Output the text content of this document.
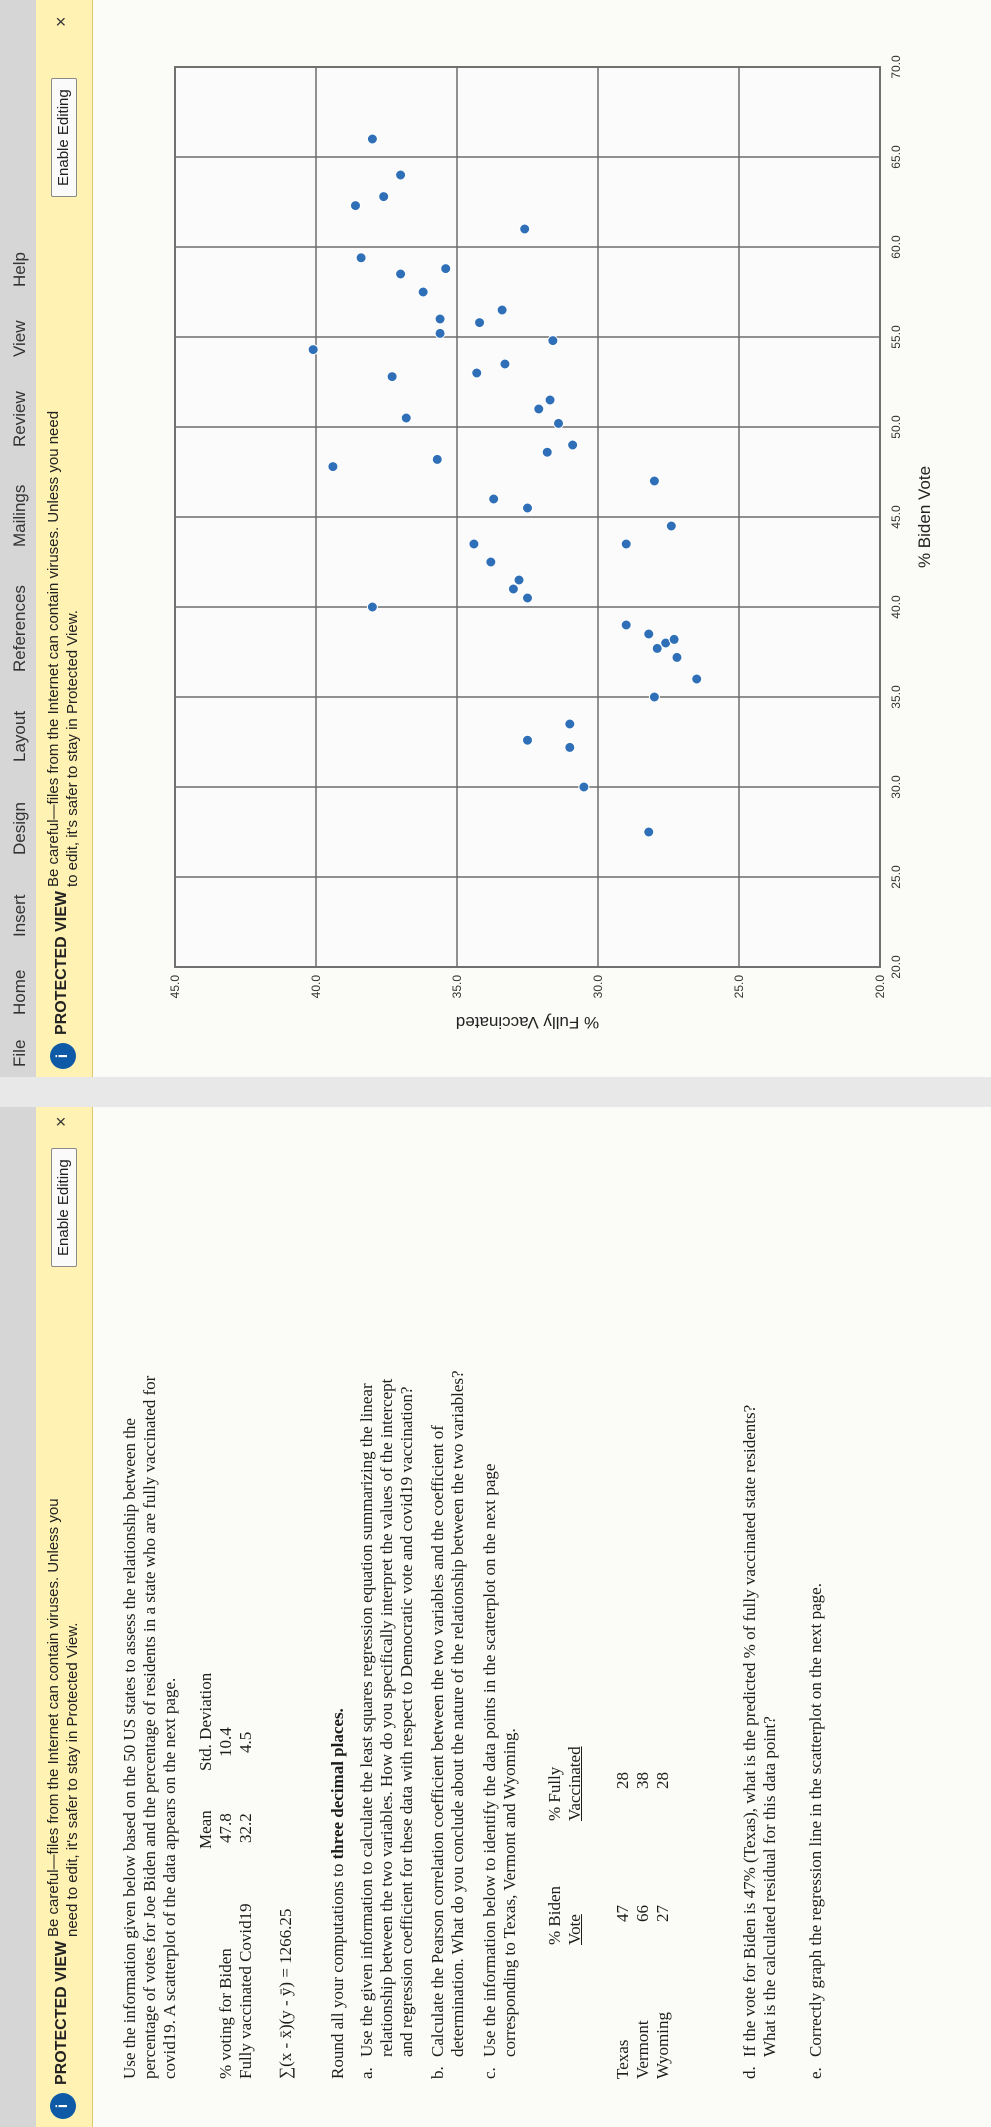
i
PROTECTED VIEW
Be careful—files from the Internet can contain viruses. Unless you need to edit, it's safer to stay in Protected View.
Enable Editing
×
Use the information given below based on the 50 US states to assess the relationship between the percentage of votes for Joe Biden and the percentage of residents in a state who are fully vaccinated for covid19. A scatterplot of the data appears on the next page. Mean
Std. Deviation
% voting for Biden
47.8
10.4
Fully vaccinated Covid19
32.2
4.5
∑(x - x̄)(y - ȳ) = 1266.25 Round all your computations to three decimal places.
a.
Use the given information to calculate the least squares regression equation summarizing the linear relationship between the two variables. How do you specifically interpret the values of the intercept and regression coefficient for these data with respect to Democratic vote and covid19 vaccination?
b.
Calculate the Pearson correlation coefficient between the two variables and the coefficient of determination. What do you conclude about the nature of the relationship between the two variables?
c.
Use the information below to identify the data points in the scatterplot on the next page corresponding to Texas, Vermont and Wyoming. % Biden Vote
% Fully Vaccinated
Texas
47
28
Vermont
66
38
Wyoming
27
28
d.
If the vote for Biden is 47% (Texas), what is the predicted % of fully vaccinated state residents? What is the calculated residual for this data point?
e.
Correctly graph the regression line in the scatterplot on the next page.
File
Home
Insert
Design
Layout
References
Mailings
Review
View
Help
i
PROTECTED VIEW
Be careful—files from the Internet can contain viruses. Unless you need to edit, it's safer to stay in Protected View.
Enable Editing
×
20.0
25.0
30.0
35.0
40.0
45.0
50.0
55.0
60.0
65.0
70.0
20.0
25.0
30.0
35.0
40.0
45.0
% Fully Vaccinated
% Biden Vote
